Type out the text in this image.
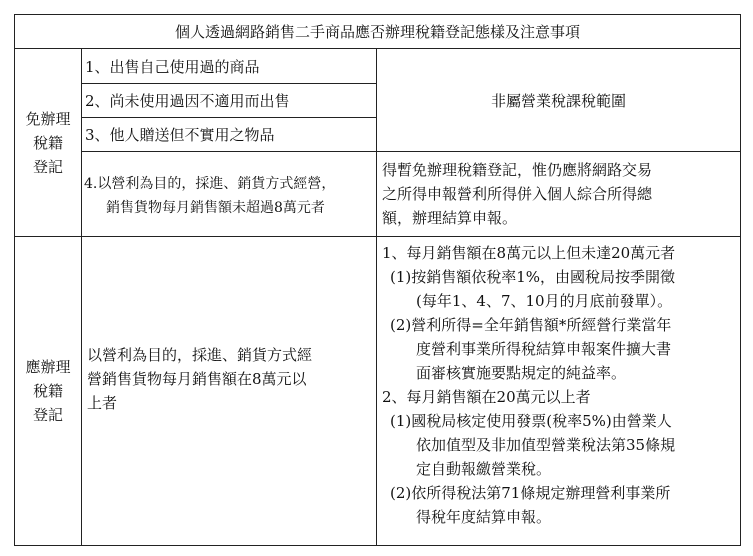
個人透過網路銷售二手商品應否辦理稅籍登記態樣及注意事項
免辦理
稅籍
登記
1、出售自己使用過的商品
2、尚未使用過因不適用而出售
3、他人贈送但不實用之物品
非屬營業稅課稅範圍
4.以營利為目的，採進、銷貨方式經營，
銷售貨物每月銷售額未超過8萬元者
得暫免辦理稅籍登記，惟仍應將網路交易
之所得申報營利所得併入個人綜合所得總
額，辦理結算申報。
應辦理
稅籍
登記
以營利為目的，採進、銷貨方式經
營銷售貨物每月銷售額在8萬元以
上者
1、每月銷售額在8萬元以上但未達20萬元者
(1)按銷售額依稅率1%，由國稅局按季開徵
(每年1、4、7、10月的月底前發單）。
(2)營利所得=全年銷售額*所經營行業當年
度營利事業所得稅結算申報案件擴大書
面審核實施要點規定的純益率。
2、每月銷售額在20萬元以上者
(1)國稅局核定使用發票(稅率5%)由營業人
依加值型及非加值型營業稅法第35條規
定自動報繳營業稅。
(2)依所得稅法第71條規定辦理營利事業所
得稅年度結算申報。
